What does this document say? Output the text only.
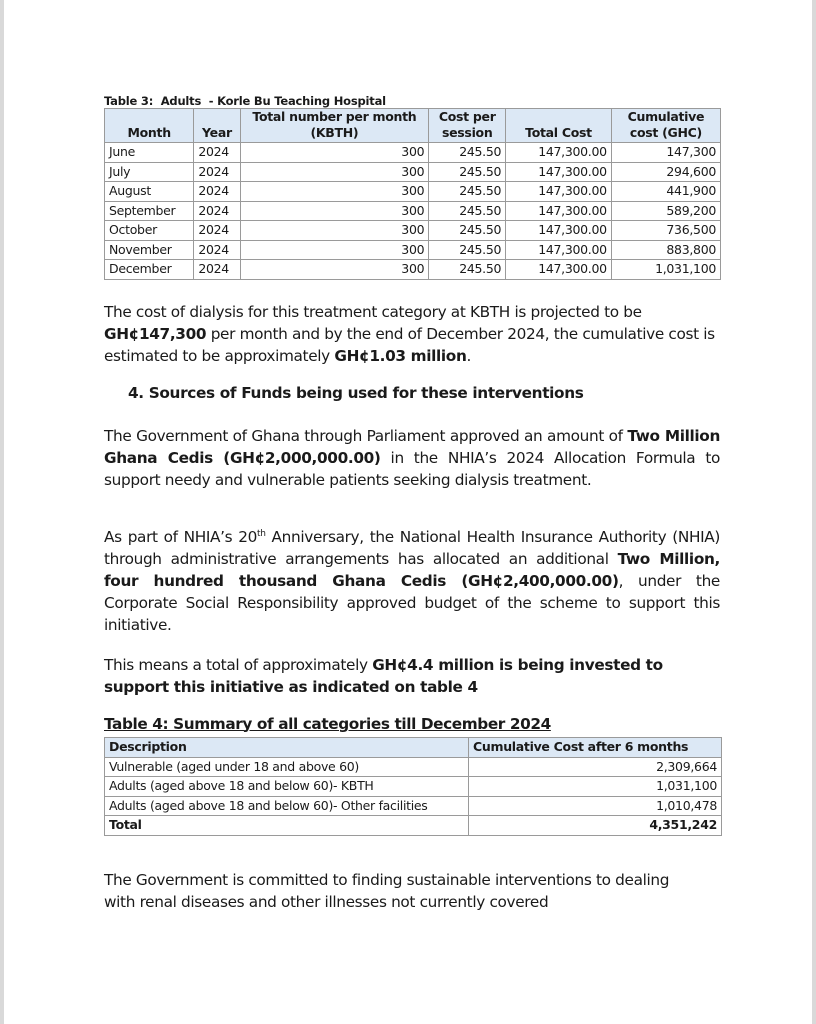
Table 3:  Adults  - Korle Bu Teaching Hospital
Month	Year	Total number per month (KBTH)	Cost per session	Total Cost	Cumulative cost (GHC)
June	2024	300	245.50	147,300.00	147,300
July	2024	300	245.50	147,300.00	294,600
August	2024	300	245.50	147,300.00	441,900
September	2024	300	245.50	147,300.00	589,200
October	2024	300	245.50	147,300.00	736,500
November	2024	300	245.50	147,300.00	883,800
December	2024	300	245.50	147,300.00	1,031,100

The cost of dialysis for this treatment category at KBTH is projected to be GH¢147,300 per month and by the end of December 2024, the cumulative cost is estimated to be approximately GH¢1.03 million.

4. Sources of Funds being used for these interventions

The Government of Ghana through Parliament approved an amount of Two Million Ghana Cedis (GH¢2,000,000.00) in the NHIA’s 2024 Allocation Formula to support needy and vulnerable patients seeking dialysis treatment.

As part of NHIA’s 20th Anniversary, the National Health Insurance Authority (NHIA) through administrative arrangements has allocated an additional Two Million, four hundred thousand Ghana Cedis (GH¢2,400,000.00), under the Corporate Social Responsibility approved budget of the scheme to support this initiative.

This means a total of approximately GH¢4.4 million is being invested to support this initiative as indicated on table 4

Table 4: Summary of all categories till December 2024
Description	Cumulative Cost after 6 months
Vulnerable (aged under 18 and above 60)	2,309,664
Adults (aged above 18 and below 60)- KBTH	1,031,100
Adults (aged above 18 and below 60)- Other facilities	1,010,478
Total	4,351,242

The Government is committed to finding sustainable interventions to dealing with renal diseases and other illnesses not currently covered
